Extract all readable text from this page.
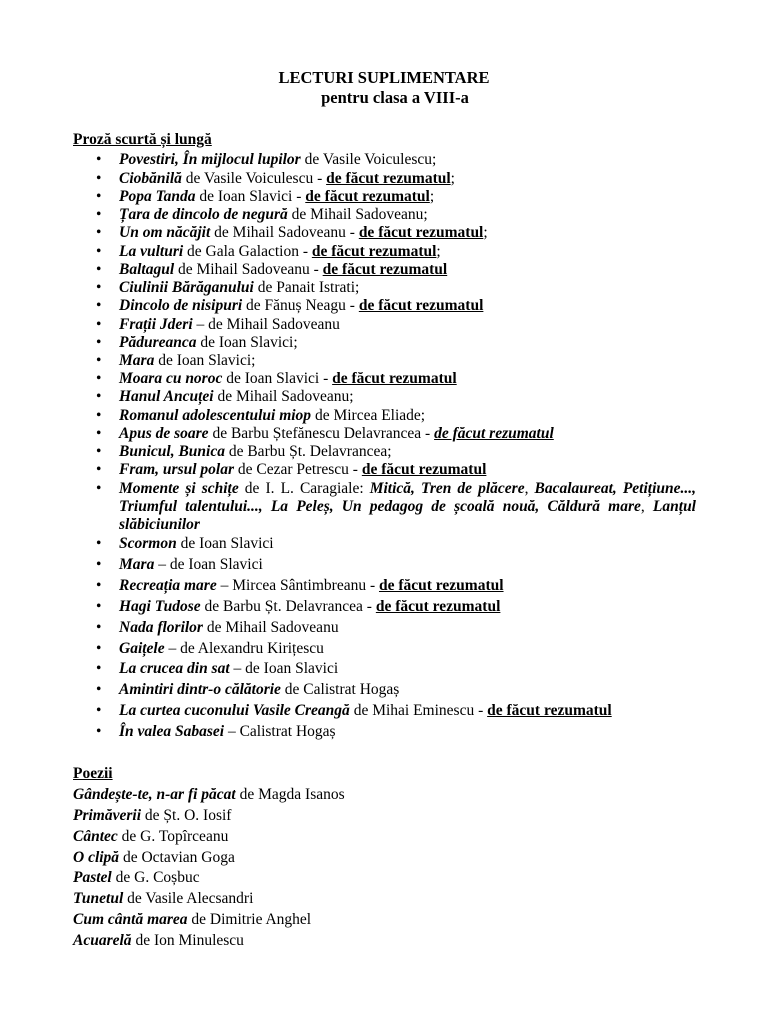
LECTURI SUPLIMENTARE
pentru clasa a VIII-a
Proză scurtă și lungă
• Povestiri, În mijlocul lupilor de Vasile Voiculescu;
• Ciobănilă de Vasile Voiculescu - de făcut rezumatul;
• Popa Tanda de Ioan Slavici - de făcut rezumatul;
• Țara de dincolo de negură de Mihail Sadoveanu;
• Un om năcăjit de Mihail Sadoveanu - de făcut rezumatul;
• La vulturi de Gala Galaction - de făcut rezumatul;
• Baltagul de Mihail Sadoveanu - de făcut rezumatul
• Ciulinii Bărăganului de Panait Istrati;
• Dincolo de nisipuri de Fănuș Neagu - de făcut rezumatul
• Frații Jderi – de Mihail Sadoveanu
• Pădureanca de Ioan Slavici;
• Mara de Ioan Slavici;
• Moara cu noroc de Ioan Slavici - de făcut rezumatul
• Hanul Ancuței de Mihail Sadoveanu;
• Romanul adolescentului miop de Mircea Eliade;
• Apus de soare de Barbu Ștefănescu Delavrancea - de făcut rezumatul
• Bunicul, Bunica de Barbu Șt. Delavrancea;
• Fram, ursul polar de Cezar Petrescu - de făcut rezumatul
• Momente și schițe de I. L. Caragiale: Mitică, Tren de plăcere, Bacalaureat, Petițiune..., Triumful talentului..., La Peleș, Un pedagog de școală nouă, Căldură mare, Lanțul slăbiciunilor
• Scormon de Ioan Slavici
• Mara – de Ioan Slavici
• Recreația mare – Mircea Sântimbreanu - de făcut rezumatul
• Hagi Tudose de Barbu Șt. Delavrancea - de făcut rezumatul
• Nada florilor de Mihail Sadoveanu
• Gaițele – de Alexandru Kirițescu
• La crucea din sat – de Ioan Slavici
• Amintiri dintr-o călătorie de Calistrat Hogaș
• La curtea cuconului Vasile Creangă de Mihai Eminescu - de făcut rezumatul
• În valea Sabasei – Calistrat Hogaș
Poezii
Gândește-te, n-ar fi păcat de Magda Isanos
Primăverii de Șt. O. Iosif
Cântec de G. Topîrceanu
O clipă de Octavian Goga
Pastel de G. Coșbuc
Tunetul de Vasile Alecsandri
Cum cântă marea de Dimitrie Anghel
Acuarelă de Ion Minulescu
